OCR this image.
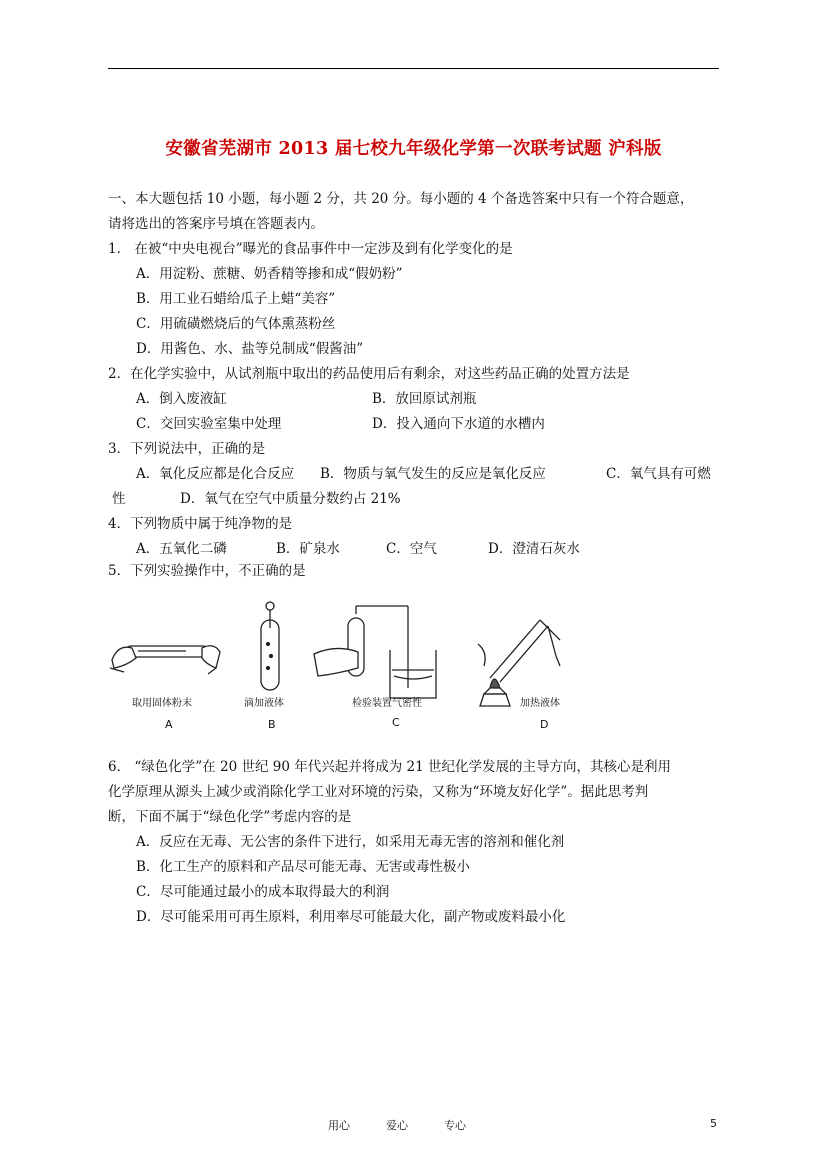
安徽省芜湖市 2013 届七校九年级化学第一次联考试题 沪科版
一、本大题包括 10 小题，每小题 2 分，共 20 分。每小题的 4 个备选答案中只有一个符合题意，
请将选出的答案序号填在答题表内。
1． 在被“中央电视台”曝光的食品事件中一定涉及到有化学变化的是
A．用淀粉、蔗糖、奶香精等掺和成“假奶粉”
B．用工业石蜡给瓜子上蜡“美容”
C．用硫磺燃烧后的气体熏蒸粉丝
D．用酱色、水、盐等兑制成“假酱油”
2．在化学实验中，从试剂瓶中取出的药品使用后有剩余，对这些药品正确的处置方法是
A．倒入废液缸	B．放回原试剂瓶
C．交回实验室集中处理	D．投入通向下水道的水槽内
3．下列说法中，正确的是
A．氧化反应都是化合反应 B．物质与氧气发生的反应是氧化反应	C．氧气具有可燃
性	D．氧气在空气中质量分数约占 21%
4．下列物质中属于纯净物的是
A．五氧化二磷	B．矿泉水	C．空气	D．澄清石灰水
5．下列实验操作中，不正确的是
取用固体粉末
A
滴加液体
B
检验装置气密性
C
加热液体
D
6． “绿色化学”在 20 世纪 90 年代兴起并将成为 21 世纪化学发展的主导方向，其核心是利用
化学原理从源头上减少或消除化学工业对环境的污染，又称为“环境友好化学”。据此思考判
断，下面不属于“绿色化学”考虑内容的是
A．反应在无毒、无公害的条件下进行，如采用无毒无害的溶剂和催化剂
B．化工生产的原料和产品尽可能无毒、无害或毒性极小
C．尽可能通过最小的成本取得最大的利润
D．尽可能采用可再生原料，利用率尽可能最大化，副产物或废料最小化
用心	爱心	专心	5
